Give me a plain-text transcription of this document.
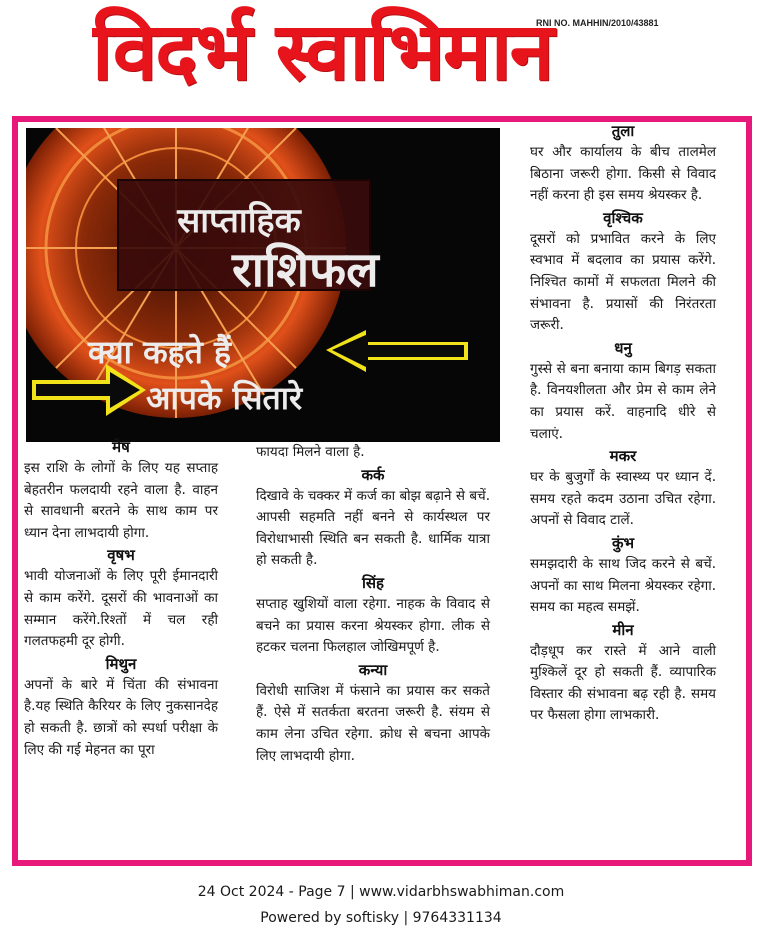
विदर्भ स्वाभिमान
RNI NO. MAHHIN/2010/43881
साप्ताहिक
राशिफल
क्या कहते हैं
आपके सितारे
मेष
इस राशि के लोगों के लिए यह सप्ताह बेहतरीन फलदायी रहने वाला है. वाहन से सावधानी बरतने के साथ काम पर ध्यान देना लाभदायी होगा.
वृषभ
भावी योजनाओं के लिए पूरी ईमानदारी से काम करेंगे. दूसरों की भावनाओं का सम्मान करेंगे.रिश्तों में चल रही गलतफहमी दूर होगी.
मिथुन
अपनों के बारे में चिंता की संभावना है.यह स्थिति कैरियर के लिए नुकसानदेह हो सकती है. छात्रों को स्पर्धा परीक्षा के लिए की गई मेहनत का पूरा
फायदा मिलने वाला है.
कर्क
दिखावे के चक्कर में कर्ज का बोझ बढ़ाने से बचें. आपसी सहमति नहीं बनने से कार्यस्थल पर विरोधाभासी स्थिति बन सकती है. धार्मिक यात्रा हो सकती है.
सिंह
सप्ताह खुशियों वाला रहेगा. नाहक के विवाद से बचने का प्रयास करना श्रेयस्कर होगा. लीक से हटकर चलना फिलहाल जोखिमपूर्ण है.
कन्या
विरोधी साजिश में फंसाने का प्रयास कर सकते हैं. ऐसे में सतर्कता बरतना जरूरी है. संयम से काम लेना उचित रहेगा. क्रोध से बचना आपके लिए लाभदायी होगा.
तुला
घर और कार्यालय के बीच तालमेल बिठाना जरूरी होगा. किसी से विवाद नहीं करना ही इस समय श्रेयस्कर है.
वृश्चिक
दूसरों को प्रभावित करने के लिए स्वभाव में बदलाव का प्रयास करेंगे. निश्चित कामों में सफलता मिलने की संभावना है. प्रयासों की निरंतरता जरूरी.
धनु
गुस्से से बना बनाया काम बिगड़ सकता है. विनयशीलता और प्रेम से काम लेने का प्रयास करें. वाहनादि धीरे से चलाएं.
मकर
घर के बुजुर्गों के स्वास्थ्य पर ध्यान दें. समय रहते कदम उठाना उचित रहेगा. अपनों से विवाद टालें.
कुंभ
समझदारी के साथ जिद करने से बचें. अपनों का साथ मिलना श्रेयस्कर रहेगा. समय का महत्व समझें.
मीन
दौड़धूप कर रास्ते में आने वाली मुश्किलें दूर हो सकती हैं. व्यापारिक विस्तार की संभावना बढ़ रही है. समय पर फैसला होगा लाभकारी.
24 Oct 2024 - Page 7 | www.vidarbhswabhiman.com
Powered by softisky | 9764331134
